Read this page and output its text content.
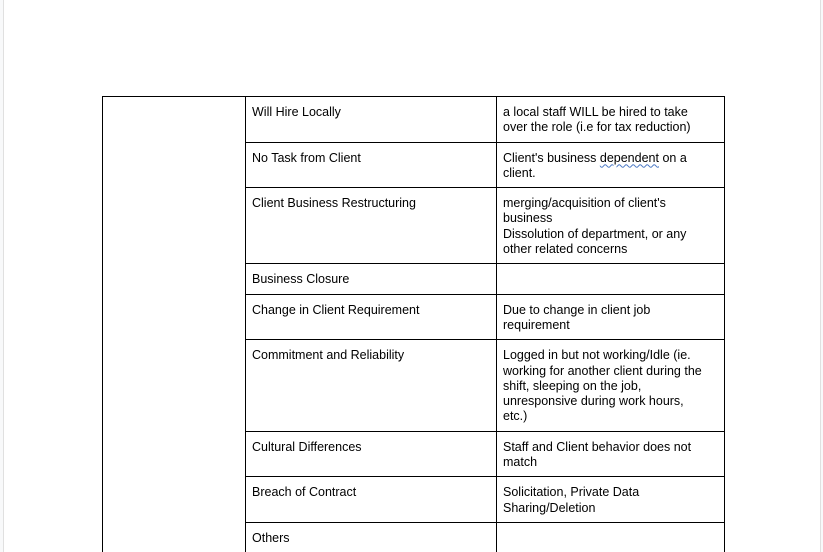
	Will Hire Locally	a local staff WILL be hired to take
over the role (i.e for tax reduction)

	No Task from Client	Client's business dependent on a
client.

	Client Business Restructuring	merging/acquisition of client's
business
Dissolution of department, or any
other related concerns

	Business Closure	
	Change in Client Requirement	Due to change in client job
requirement

	Commitment and Reliability	Logged in but not working/Idle (ie.
working for another client during the
shift, sleeping on the job,
unresponsive during work hours,
etc.)

	Cultural Differences	Staff and Client behavior does not
match

	Breach of Contract	Solicitation, Private Data
Sharing/Deletion

	Others	
